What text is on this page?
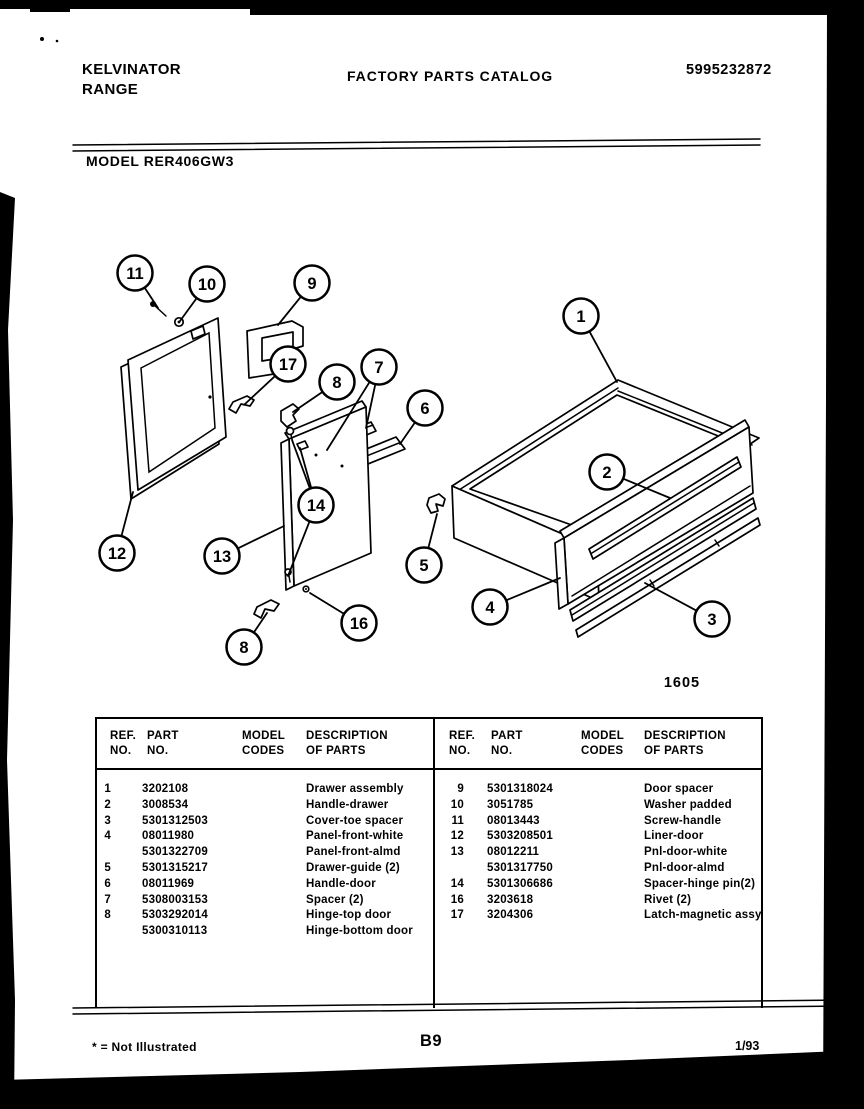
KELVINATOR
RANGE
FACTORY PARTS CATALOG	5995232872
MODEL RER406GW3
1
2
3
4
5
6
7
8
9
10
11
12	13
14
16
8
17
1605
REF.
NO.
PART
NO.
MODEL
CODES
DESCRIPTION
OF PARTS
1	3202108	Drawer assembly
2	3008534	Handle-drawer
3	5301312503	Cover-toe spacer
4	08011980	Panel-front-white
5301322709	Panel-front-almd
5	5301315217	Drawer-guide (2)
6	08011969	Handle-door
7	5308003153	Spacer (2)
8	5303292014	Hinge-top door
5300310113	Hinge-bottom door
REF.
NO.
PART
NO.
MODEL
CODES
DESCRIPTION
OF PARTS
9 5301318024	Door spacer
10 3051785	Washer padded
11 08013443	Screw-handle
12 5303208501	Liner-door
13 08012211	Pnl-door-white
5301317750	Pnl-door-almd
14 5301306686	Spacer-hinge pin(2)
16 3203618	Rivet (2)
17 3204306	Latch-magnetic assy
* = Not Illustrated	B9	1/93
